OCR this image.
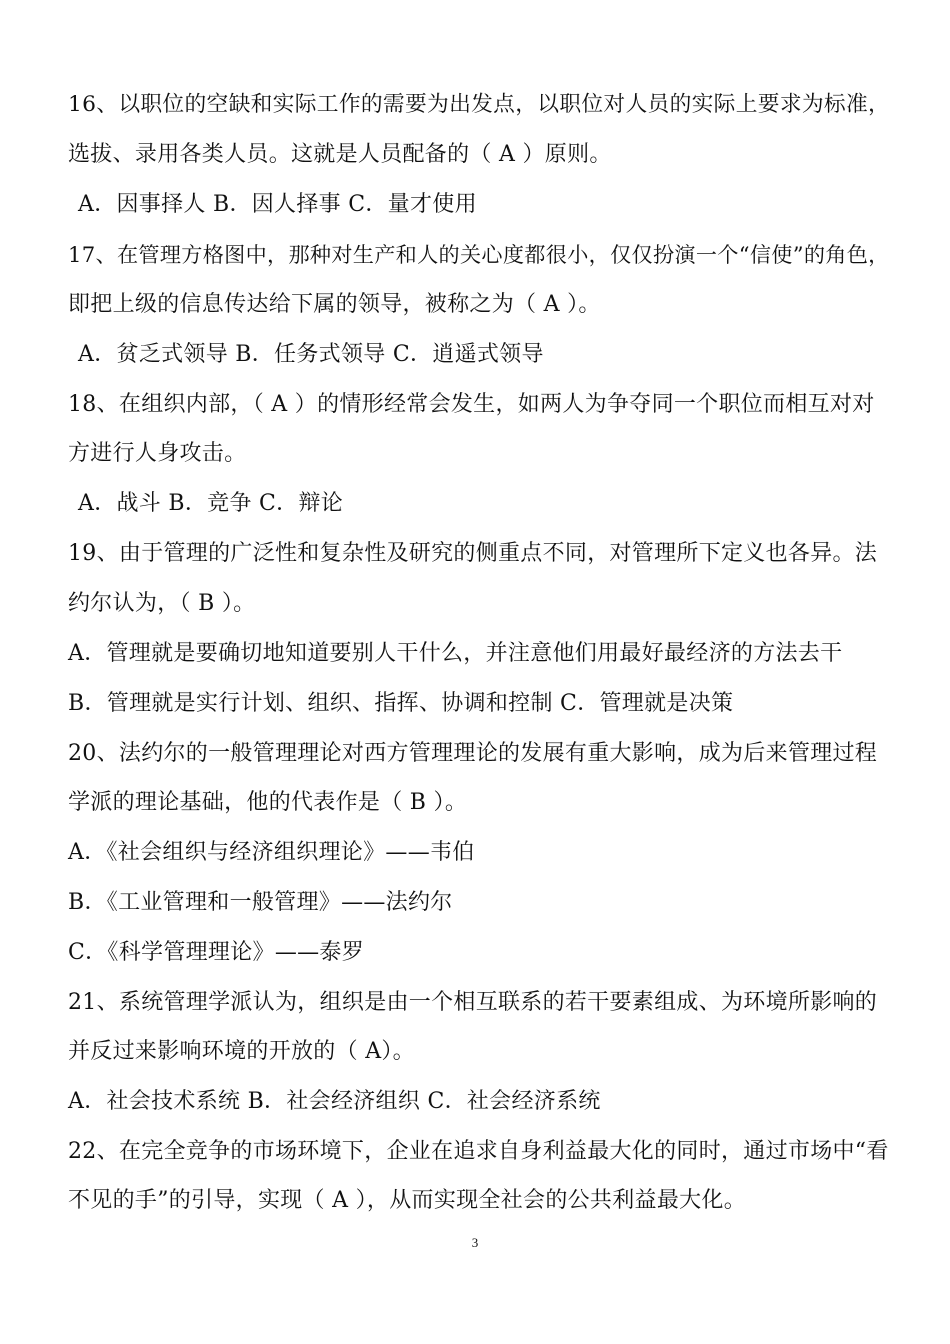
16、以职位的空缺和实际工作的需要为出发点，以职位对人员的实际上要求为标准，
选拔、录用各类人员。这就是人员配备的（ A ）原则。
A．因事择人 B．因人择事 C．量才使用
17、在管理方格图中，那种对生产和人的关心度都很小，仅仅扮演一个“信使”的角色，
即把上级的信息传达给下属的领导，被称之为（ A ）。
A．贫乏式领导 B．任务式领导 C．逍遥式领导
18、在组织内部，（ A ）的情形经常会发生，如两人为争夺同一个职位而相互对对
方进行人身攻击。
A．战斗 B．竞争 C．辩论
19、由于管理的广泛性和复杂性及研究的侧重点不同，对管理所下定义也各异。法
约尔认为，（ B ）。
A．管理就是要确切地知道要别人干什么，并注意他们用最好最经济的方法去干
B．管理就是实行计划、组织、指挥、协调和控制 C．管理就是决策
20、法约尔的一般管理理论对西方管理理论的发展有重大影响，成为后来管理过程
学派的理论基础，他的代表作是（ B ）。
A．《社会组织与经济组织理论》——韦伯
B．《工业管理和一般管理》——法约尔
C．《科学管理理论》——泰罗
21、系统管理学派认为，组织是由一个相互联系的若干要素组成、为环境所影响的
并反过来影响环境的开放的（ A）。
A．社会技术系统 B．社会经济组织 C．社会经济系统
22、在完全竞争的市场环境下，企业在追求自身利益最大化的同时，通过市场中“看
不见的手”的引导，实现（ A ），从而实现全社会的公共利益最大化。
3
